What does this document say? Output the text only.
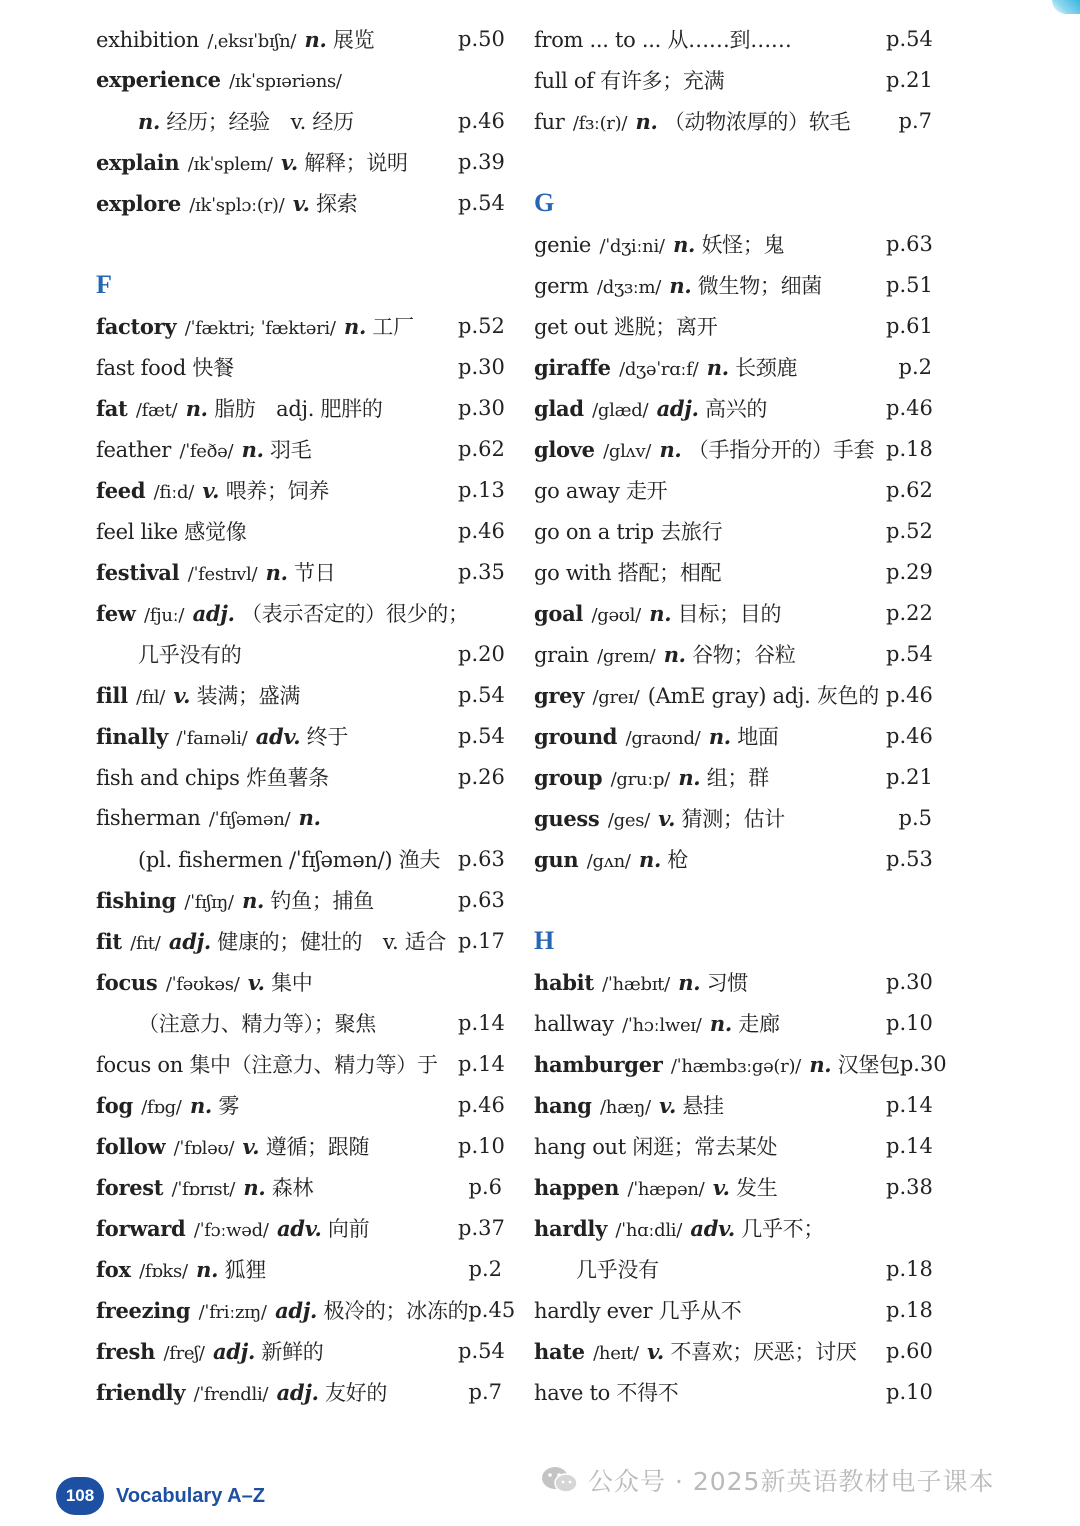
exhibition /ˌeksɪˈbɪʃn/ n. 展览	p.50
experience /ɪkˈspɪəriəns/
n. 经历；经验　v. 经历	p.46
explain /ɪkˈspleɪn/ v. 解释；说明	p.39
explore /ɪkˈsplɔː(r)/ v. 探索	p.54
F
factory /ˈfæktri; ˈfæktəri/ n. 工厂	p.52
fast food 快餐	p.30
fat /fæt/ n. 脂肪　adj. 肥胖的	p.30
feather /ˈfeðə/ n. 羽毛	p.62
feed /fiːd/ v. 喂养；饲养	p.13
feel like 感觉像	p.46
festival /ˈfestɪvl/ n. 节日	p.35
few /fjuː/ adj. （表示否定的）很少的；
几乎没有的	p.20
fill /fɪl/ v. 装满；盛满	p.54
finally /ˈfaɪnəli/ adv. 终于	p.54
fish and chips 炸鱼薯条	p.26
fisherman /ˈfɪʃəmən/ n.
(pl. fishermen /ˈfɪʃəmən/) 渔夫 p.63
fishing /ˈfɪʃɪŋ/ n. 钓鱼；捕鱼	p.63
fit /fɪt/ adj. 健康的；健壮的　v. 适合 p.17
focus /ˈfəʊkəs/ v. 集中
（注意力、精力等）；聚焦	p.14
focus on 集中（注意力、精力等）于 p.14
fog /fɒg/ n. 雾	p.46
follow /ˈfɒləʊ/ v. 遵循；跟随	p.10
forest /ˈfɒrɪst/ n. 森林	p.6
forward /ˈfɔːwəd/ adv. 向前	p.37
fox /fɒks/ n. 狐狸	p.2
freezing /ˈfriːzɪŋ/ adj. 极冷的；冰冻的 p.45
fresh /freʃ/ adj. 新鲜的	p.54
friendly /ˈfrendli/ adj. 友好的	p.7
from ... to ... 从……到……	p.54
full of 有许多；充满	p.21
fur /fɜː(r)/ n. （动物浓厚的）软毛	p.7
G
genie /ˈdʒiːni/ n. 妖怪；鬼	p.63
germ /dʒɜːm/ n. 微生物；细菌	p.51
get out 逃脱；离开	p.61
giraffe /dʒəˈrɑːf/ n. 长颈鹿	p.2
glad /glæd/ adj. 高兴的	p.46
glove /glʌv/ n. （手指分开的）手套 p.18
go away 走开	p.62
go on a trip 去旅行	p.52
go with 搭配；相配	p.29
goal /gəʊl/ n. 目标；目的	p.22
grain /greɪn/ n. 谷物；谷粒	p.54
grey /greɪ/ (AmE gray) adj. 灰色的 p.46
ground /graʊnd/ n. 地面	p.46
group /gruːp/ n. 组；群	p.21
guess /ges/ v. 猜测；估计	p.5
gun /gʌn/ n. 枪	p.53
H
habit /ˈhæbɪt/ n. 习惯	p.30
hallway /ˈhɔːlweɪ/ n. 走廊	p.10
hamburger /ˈhæmbɜːgə(r)/ n. 汉堡包 p.30
hang /hæŋ/ v. 悬挂	p.14
hang out 闲逛；常去某处	p.14
happen /ˈhæpən/ v. 发生	p.38
hardly /ˈhɑːdli/ adv. 几乎不；
几乎没有	p.18
hardly ever 几乎从不	p.18
hate /heɪt/ v. 不喜欢；厌恶；讨厌	p.60
have to 不得不	p.10
108	Vocabulary A–Z	公众号 · 2025新英语教材电子课本
